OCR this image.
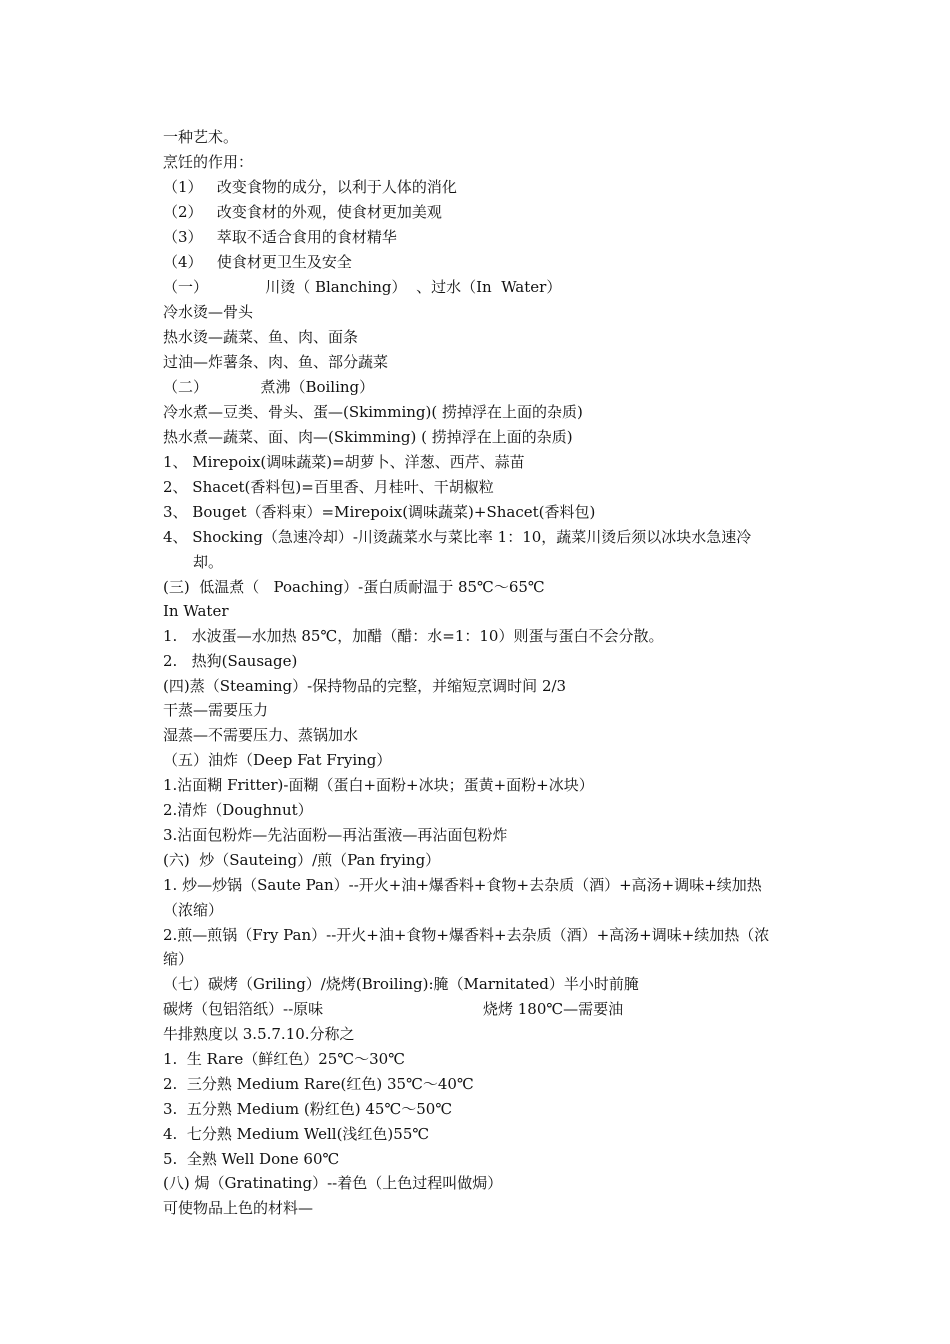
一种艺术。
烹饪的作用：
（1）   改变食物的成分，以利于人体的消化
（2）   改变食材的外观，使食材更加美观
（3）   萃取不适合食用的食材精华
（4）   使食材更卫生及安全
（一）            川烫（ Blanching）  、过水（In  Water）
冷水烫—骨头
热水烫—蔬菜、鱼、肉、面条
过油—炸薯条、肉、鱼、部分蔬菜
（二）           煮沸（Boiling）
冷水煮—豆类、骨头、蛋—(Skimming)( 捞掉浮在上面的杂质)
热水煮—蔬菜、面、肉—(Skimming) ( 捞掉浮在上面的杂质)
1、 Mirepoix(调味蔬菜)=胡萝卜、洋葱、西芹、蒜苗
2、 Shacet(香料包)=百里香、月桂叶、干胡椒粒
3、 Bouget（香料束）=Mirepoix(调味蔬菜)+Shacet(香料包)
4、 Shocking（急速冷却）-川烫蔬菜水与菜比率 1：10，蔬菜川烫后须以冰块水急速冷
却。
(三)  低温煮（   Poaching）-蛋白质耐温于 85℃～65℃
In Water
1.   水波蛋—水加热 85℃，加醋（醋：水=1：10）则蛋与蛋白不会分散。
2.   热狗(Sausage)
(四)蒸（Steaming）-保持物品的完整，并缩短烹调时间 2/3
干蒸—需要压力
湿蒸—不需要压力、蒸锅加水
（五）油炸（Deep Fat Frying）
1.沾面糊 Fritter)-面糊（蛋白+面粉+冰块；蛋黄+面粉+冰块）
2.清炸（Doughnut）
3.沾面包粉炸—先沾面粉—再沾蛋液—再沾面包粉炸
(六)  炒（Sauteing）/煎（Pan frying）
1. 炒—炒锅（Saute Pan）--开火+油+爆香料+食物+去杂质（酒）+高汤+调味+续加热
（浓缩）
2.煎—煎锅（Fry Pan）--开火+油+食物+爆香料+去杂质（酒）+高汤+调味+续加热（浓
缩）
（七）碳烤（Griling）/烧烤(Broiling):腌（Marnitated）半小时前腌
碳烤（包铝箔纸）--原味	烧烤 180℃—需要油
牛排熟度以 3.5.7.10.分称之
1.  生 Rare（鲜红色）25℃～30℃
2.  三分熟 Medium Rare(红色) 35℃～40℃
3.  五分熟 Medium (粉红色) 45℃～50℃
4.  七分熟 Medium Well(浅红色)55℃
5.  全熟 Well Done 60℃
(八) 焗（Gratinating）--着色（上色过程叫做焗）
可使物品上色的材料—
